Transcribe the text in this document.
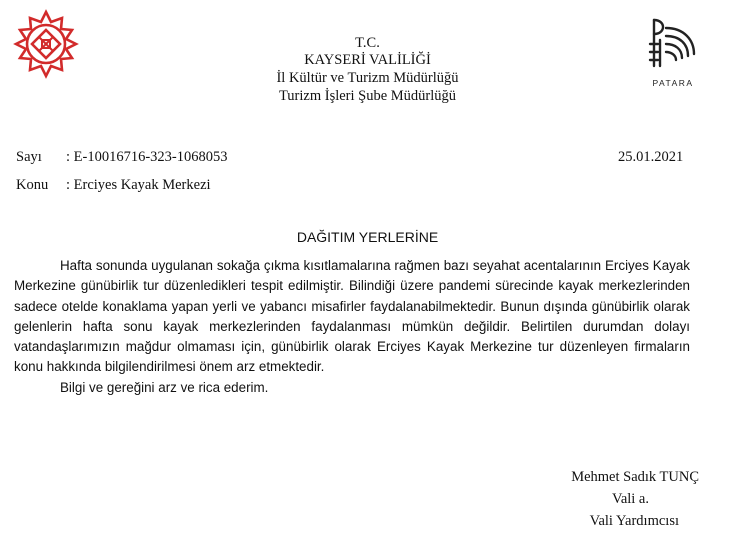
PATARA
T.C.
KAYSERİ VALİLİĞİ
İl Kültür ve Turizm Müdürlüğü
Turizm İşleri Şube Müdürlüğü
Sayı : E-10016716-323-1068053	25.01.2021
Konu : Erciyes Kayak Merkezi
DAĞITIM YERLERİNE

Hafta sonunda uygulanan sokağa çıkma kısıtlamalarına rağmen bazı seyahat acentalarının Erciyes Kayak Merkezine günübirlik tur düzenledikleri tespit edilmiştir. Bilindiği üzere pandemi sürecinde kayak merkezlerinden sadece otelde konaklama yapan yerli ve yabancı misafirler faydalanabilmektedir. Bunun dışında günübirlik olarak gelenlerin hafta sonu kayak merkezlerinden faydalanması mümkün değildir. Belirtilen durumdan dolayı vatandaşlarımızın mağdur olmaması için, günübirlik olarak Erciyes Kayak Merkezine tur düzenleyen firmaların konu hakkında bilgilendirilmesi önem arz etmektedir.

Bilgi ve gereğini arz ve rica ederim.

Mehmet Sadık TUNÇ
Vali a.
Vali Yardımcısı
